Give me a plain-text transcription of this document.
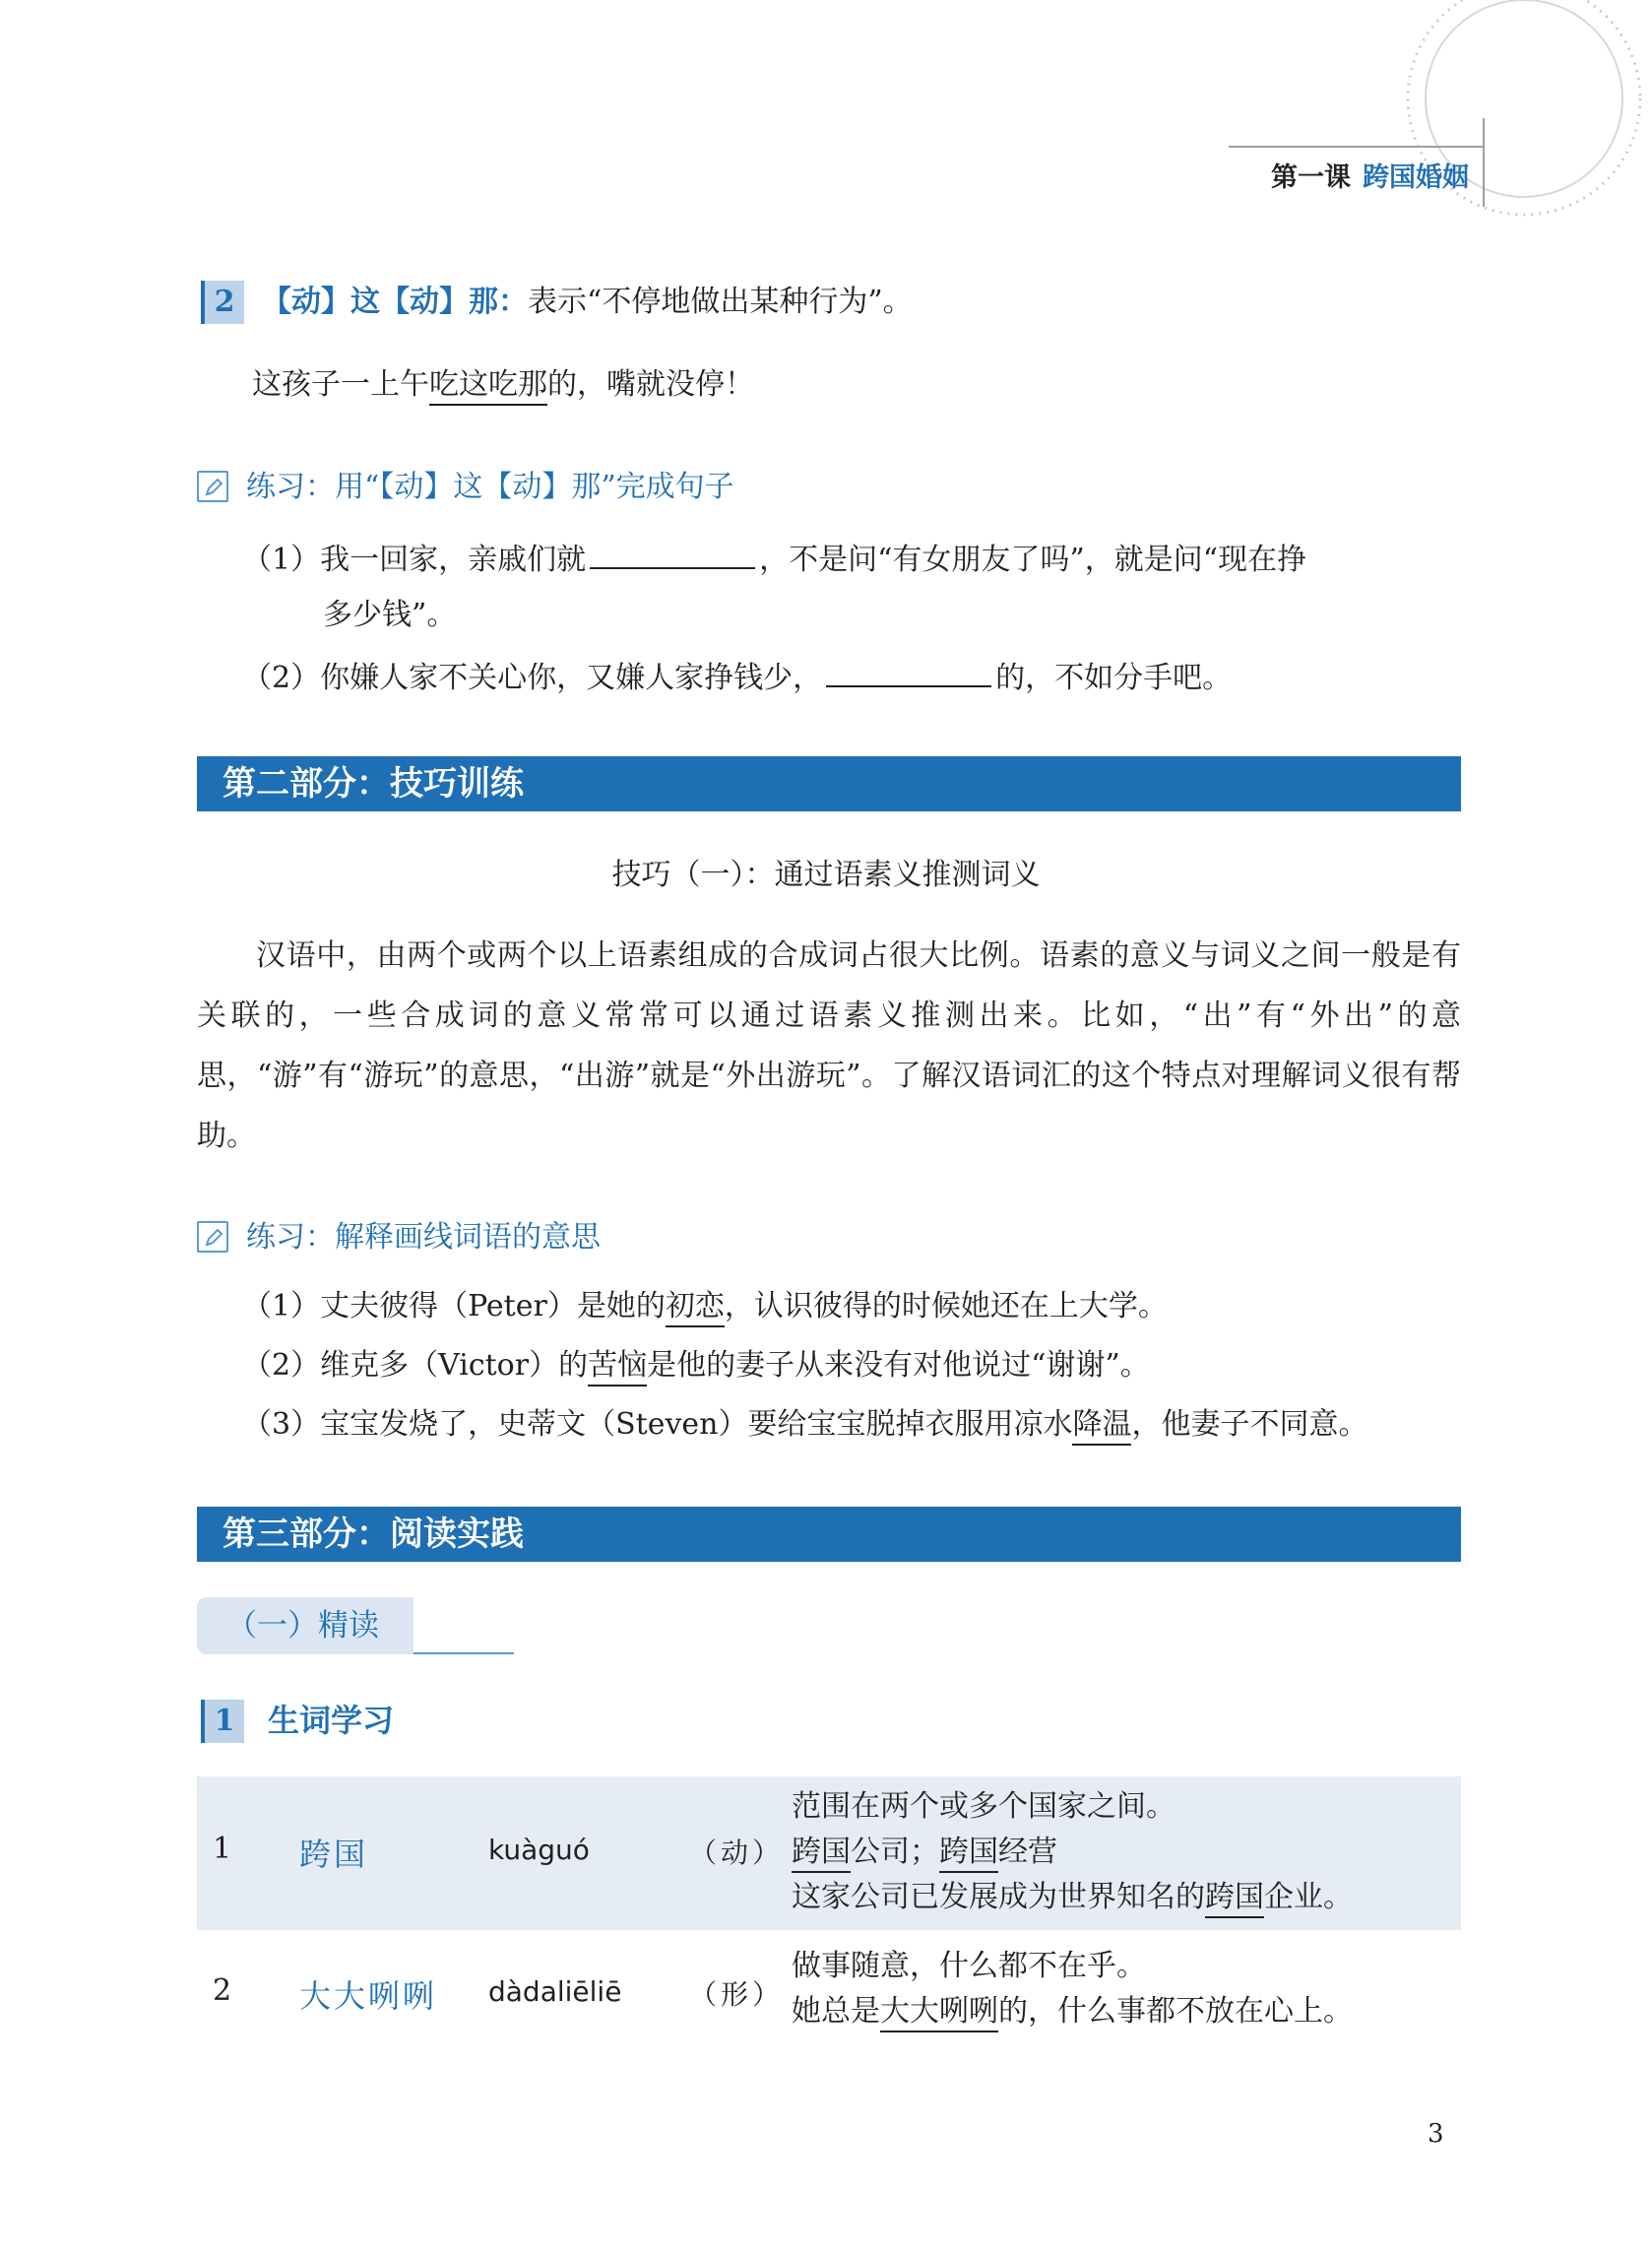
第一课 跨国婚姻
2 【动】这【动】那：表示“不停地做出某种行为”。
这孩子一上午吃这吃那的，嘴就没停！
练习：用“【动】这【动】那”完成句子
（1）我一回家，亲戚们就	，不是问“有女朋友了吗”，就是问“现在挣
多少钱”。
（2）你嫌人家不关心你，又嫌人家挣钱少，	的，不如分手吧。
第二部分：技巧训练
技巧（一）：通过语素义推测词义
汉语中，由两个或两个以上语素组成的合成词占很大比例。语素的意义与词义之间一般是有关联的，一些合成词的意义常常可以通过语素义推测出来。比如，“出”有“外出”的意思，“游”有“游玩”的意思，“出游”就是“外出游玩”。了解汉语词汇的这个特点对理解词义很有帮助。
练习：解释画线词语的意思
（1）丈夫彼得（Peter）是她的初恋，认识彼得的时候她还在上大学。
（2）维克多（Victor）的苦恼是他的妻子从来没有对他说过“谢谢”。
（3）宝宝发烧了，史蒂文（Steven）要给宝宝脱掉衣服用凉水降温，他妻子不同意。
第三部分：阅读实践
（一）精读
1 生词学习
1 跨国	kuàguó	（动）
范围在两个或多个国家之间。
跨国公司；跨国经营
这家公司已发展成为世界知名的跨国企业。
2 大大咧咧 dàdaliēliē （形）
做事随意，什么都不在乎。
她总是大大咧咧的，什么事都不放在心上。
3
